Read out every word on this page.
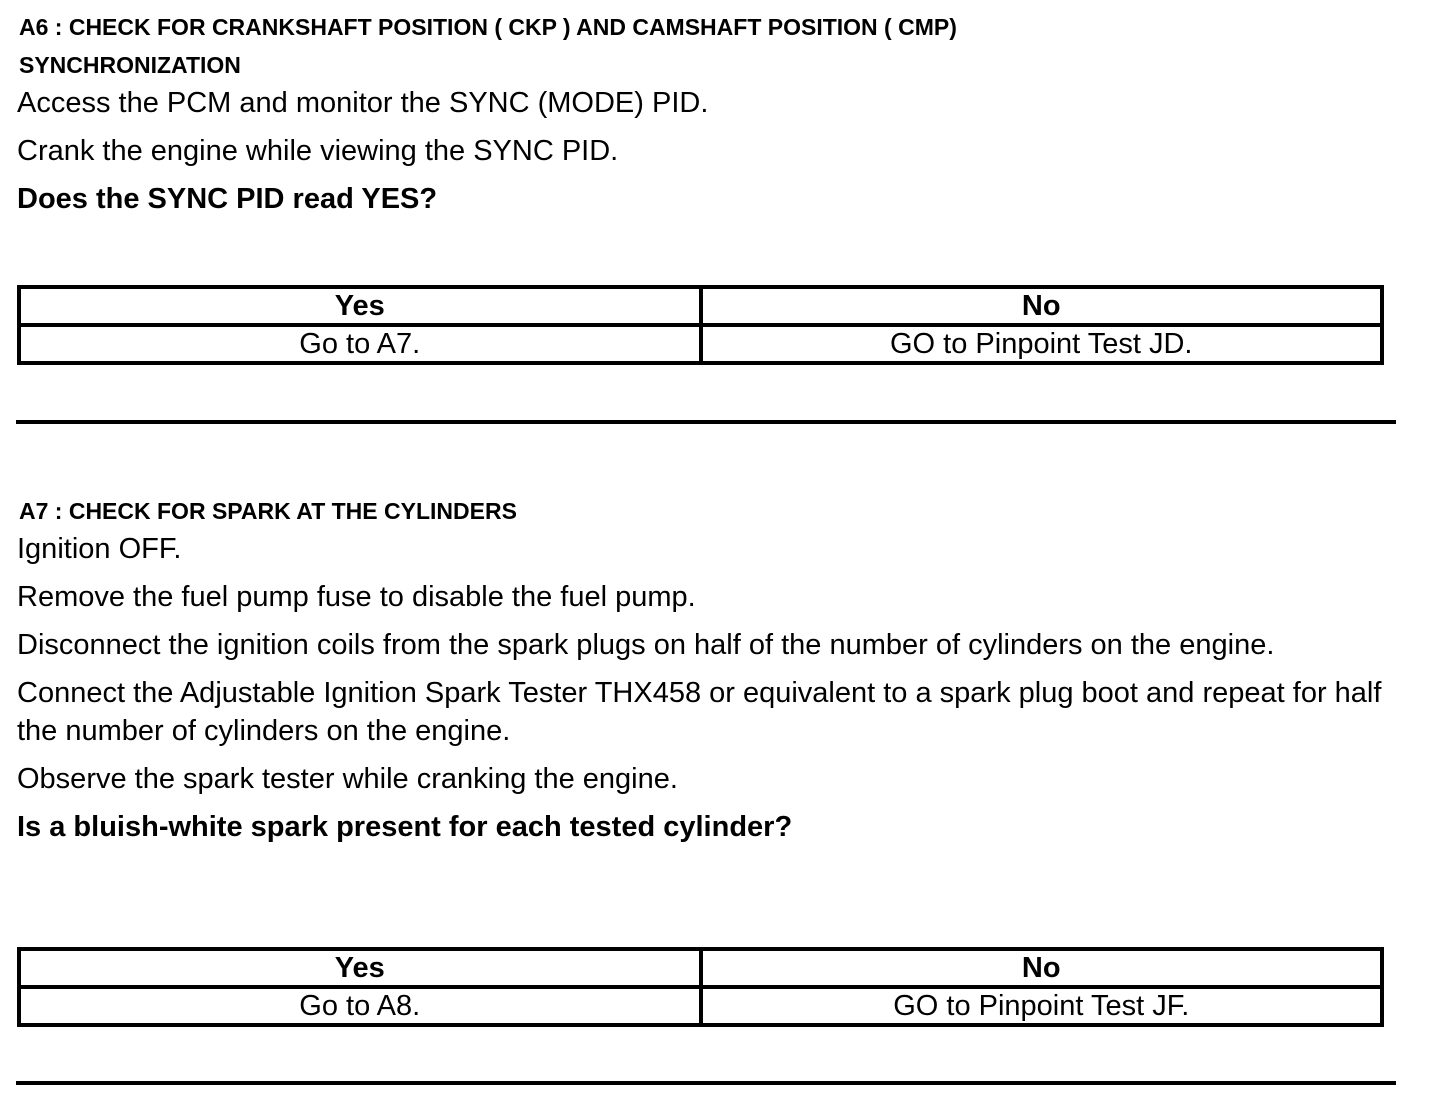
A6 : CHECK FOR CRANKSHAFT POSITION ( CKP ) AND CAMSHAFT POSITION ( CMP)
SYNCHRONIZATION
Access the PCM and monitor the SYNC (MODE) PID.
Crank the engine while viewing the SYNC PID.

Does the SYNC PID read YES?

Yes	No
Go to A7.	GO to Pinpoint Test JD.
A7 : CHECK FOR SPARK AT THE CYLINDERS
Ignition OFF.
Remove the fuel pump fuse to disable the fuel pump.
Disconnect the ignition coils from the spark plugs on half of the number of cylinders on the engine.
Connect the Adjustable Ignition Spark Tester THX458 or equivalent to a spark plug boot and repeat for half the number of cylinders on the engine.
Observe the spark tester while cranking the engine.

Is a bluish-white spark present for each tested cylinder?

Yes	No
Go to A8.	GO to Pinpoint Test JF.
